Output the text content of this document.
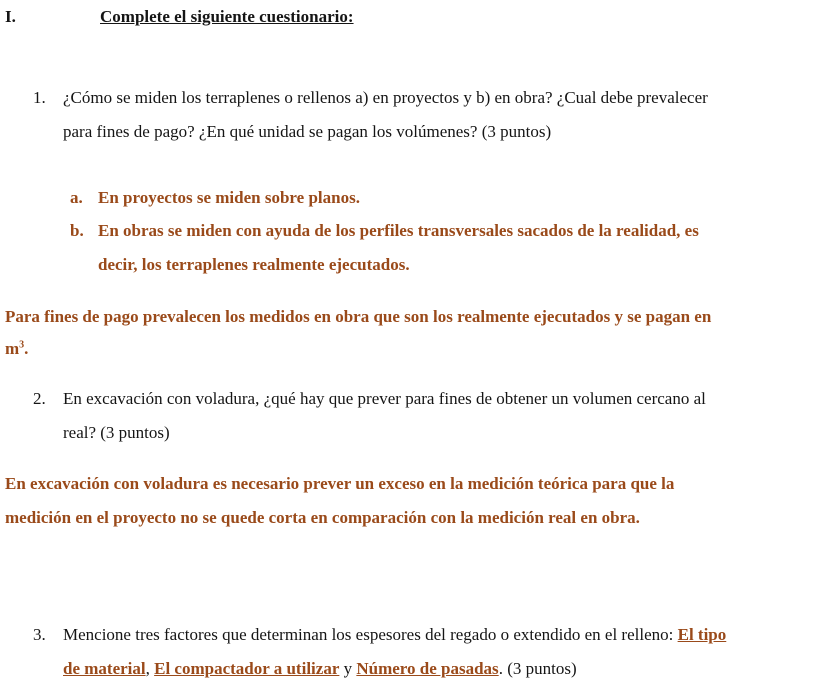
I.	Complete el siguiente cuestionario:
1. ¿Cómo se miden los terraplenes o rellenos a) en proyectos y b) en obra? ¿Cual debe prevalecer
para fines de pago? ¿En qué unidad se pagan los volúmenes? (3 puntos)
a. En proyectos se miden sobre planos.
b. En obras se miden con ayuda de los perfiles transversales sacados de la realidad, es
decir, los terraplenes realmente ejecutados.
Para fines de pago prevalecen los medidos en obra que son los realmente ejecutados y se pagan en
$m^3$.
2. En excavación con voladura, ¿qué hay que prever para fines de obtener un volumen cercano al
real? (3 puntos)
En excavación con voladura es necesario prever un exceso en la medición teórica para que la
medición en el proyecto no se quede corta en comparación con la medición real en obra.
3. Mencione tres factores que determinan los espesores del regado o extendido en el relleno: El tipo
de material, El compactador a utilizar y Número de pasadas. (3 puntos)
